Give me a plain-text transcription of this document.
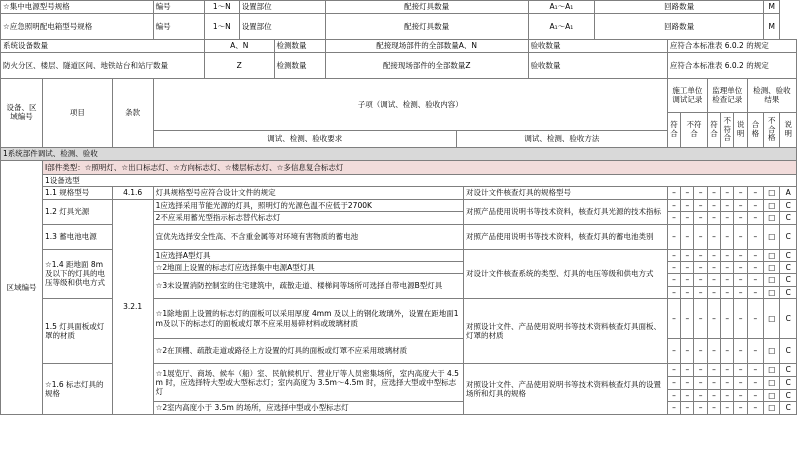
☆集中电源型号规格			编号	1～N	设置部位		配接灯具数量			A₁～A₁	回路数量								M	
☆应急照明配电箱型号规格			编号	1～N	设置部位		配接灯具数量			A₁～A₁	回路数量								M	
系统设备数量				A、N		检测数量	配接现场部件的全部数量A、N			验收数量		应符合本标准表 6.0.2 的规定								
防火分区、楼层、隧道区间、地铁站台和站厅数量				Z		检测数量	配接现场部件的全部数量Z			验收数量		应符合本标准表 6.0.2 的规定								
设备、区域编号	项目	条款	子项（调试、检测、验收内容）									施工单位调试记录			监理单位检查记录			检测、验收结果		
												符合	不符合		符合	不符合	说明	合格	不合格	说明
			调试、检测、验收要求					调试、检测、验收方法												
1系统部件调试、检测、验收																				
区域编号	Ⅰ部件类型：☆照明灯、☆出口标志灯、☆方向标志灯、☆楼层标志灯、☆多信息复合标志灯																			
	1设备选型																			
	1.1 规格型号	4.1.6	灯具规格型号应符合设计文件的规定						对设计文件核查灯具的规格型号			–	–	–	–	–	–	–	□	A
	1.2 灯具光源	3.2.1	1应选择采用节能光源的灯具，照明灯的光源色温不应低于2700K						对照产品使用说明书等技术资料，核查灯具光源的技术指标			–	–	–	–	–	–	–	□	C
			2不应采用蓄光型指示标志替代标志灯									–	–	–	–	–	–	–	□	C
	1.3 蓄电池电源		宜优先选择安全性高、不含重金属等对环境有害物质的蓄电池						对照产品使用说明书等技术资料，核查灯具的蓄电池类别			–	–	–	–	–	–	–	□	C
	☆1.4 距地面 8m 及以下的灯具的电压等级和供电方式		1应选择A型灯具						对设计文件核查系统的类型、灯具的电压等级和供电方式			–	–	–	–	–	–	–	□	C
			☆2地面上设置的标志灯应选择集中电源A型灯具									–	–	–	–	–	–	–	□	C
			☆3未设置消防控制室的住宅建筑中，疏散走道、楼梯间等场所可选择自带电源B型灯具									–	–	–	–	–	–	–	□	C
												–	–	–	–	–	–	–	□	C
	1.5 灯具面板或灯罩的材质		☆1除地面上设置的标志灯的面板可以采用厚度 4mm 及以上的钢化玻璃外，设置在距地面1m及以下的标志灯的面板或灯罩不应采用易碎材料或玻璃材质						对照设计文件、产品使用说明书等技术资料核查灯具面板、灯罩的材质			–	–	–	–	–	–	–	□	C
			☆2在顶棚、疏散走道或路径上方设置的灯具的面板或灯罩不应采用玻璃材质									–	–	–	–	–	–	–	□	C
	☆1.6 标志灯具的规格		☆1展览厅、商场、候车（船）室、民航候机厅、营业厅等人员密集场所，室内高度大于 4.5m 时，应选择特大型或大型标志灯；室内高度为 3.5m～4.5m 时，应选择大型或中型标志灯						对照设计文件、产品使用说明书等技术资料核查灯具的设置场所和灯具的规格			–	–	–	–	–	–	–	□	C
												–	–	–	–	–	–	–	□	C
												–	–	–	–	–	–	–	□	C
			☆2室内高度小于 3.5m 的场所，应选择中型或小型标志灯									–	–	–	–	–	–	–	□	C
